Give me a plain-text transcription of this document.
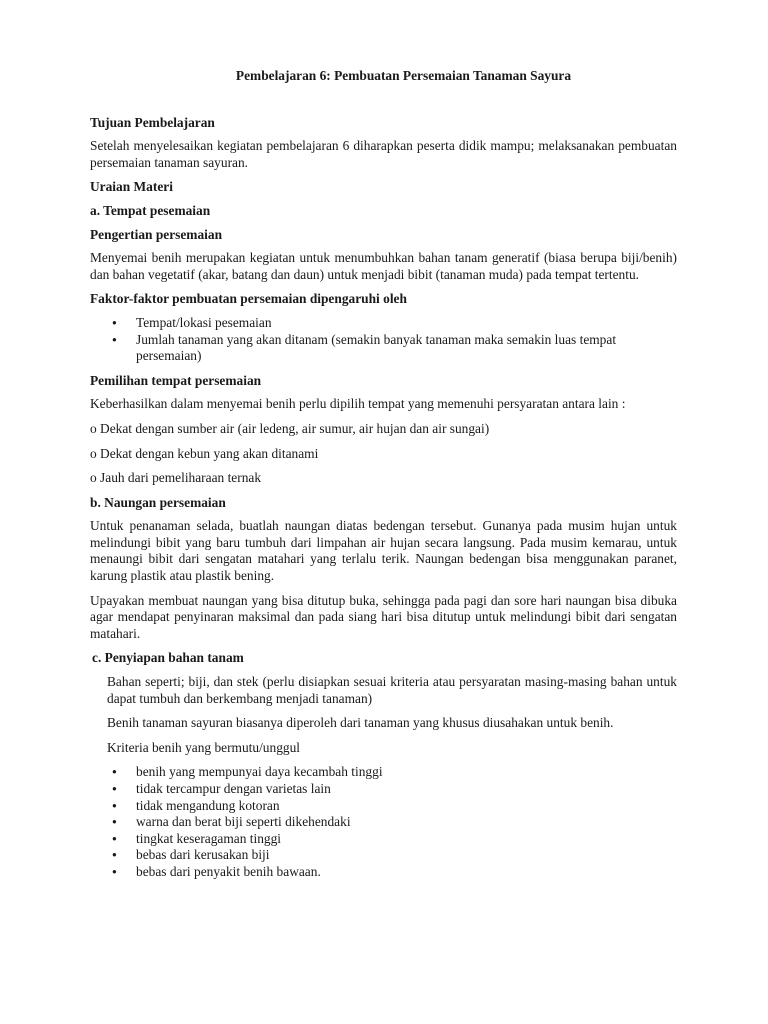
Pembelajaran 6: Pembuatan Persemaian Tanaman Sayura
Tujuan Pembelajaran

Setelah menyelesaikan kegiatan pembelajaran 6 diharapkan peserta didik mampu; melaksanakan pembuatan persemaian tanaman sayuran.

Uraian Materi
a. Tempat pesemaian
Pengertian persemaian

Menyemai benih merupakan kegiatan untuk menumbuhkan bahan tanam generatif (biasa berupa biji/benih) dan bahan vegetatif (akar, batang dan daun) untuk menjadi bibit (tanaman muda) pada tempat tertentu.

Faktor-faktor pembuatan persemaian dipengaruhi oleh
● Tempat/lokasi pesemaian
● Jumlah tanaman yang akan ditanam (semakin banyak tanaman maka semakin luas tempat persemaian)
Pemilihan tempat persemaian

Keberhasilkan dalam menyemai benih perlu dipilih tempat yang memenuhi persyaratan antara lain :

o Dekat dengan sumber air (air ledeng, air sumur, air hujan dan air sungai)
o Dekat dengan kebun yang akan ditanami
o Jauh dari pemeliharaan ternak
b. Naungan persemaian

Untuk penanaman selada, buatlah naungan diatas bedengan tersebut. Gunanya pada musim hujan untuk melindungi bibit yang baru tumbuh dari limpahan air hujan secara langsung. Pada musim kemarau, untuk menaungi bibit dari sengatan matahari yang terlalu terik. Naungan bedengan bisa menggunakan paranet, karung plastik atau plastik bening.

Upayakan membuat naungan yang bisa ditutup buka, sehingga pada pagi dan sore hari naungan bisa dibuka agar mendapat penyinaran maksimal dan pada siang hari bisa ditutup untuk melindungi bibit dari sengatan matahari.

c. Penyiapan bahan tanam

Bahan seperti; biji, dan stek (perlu disiapkan sesuai kriteria atau persyaratan masing-masing bahan untuk dapat tumbuh dan berkembang menjadi tanaman)

Benih tanaman sayuran biasanya diperoleh dari tanaman yang khusus diusahakan untuk benih.

Kriteria benih yang bermutu/unggul

● benih yang mempunyai daya kecambah tinggi
● tidak tercampur dengan varietas lain
● tidak mengandung kotoran
● warna dan berat biji seperti dikehendaki
● tingkat keseragaman tinggi
● bebas dari kerusakan biji
● bebas dari penyakit benih bawaan.
